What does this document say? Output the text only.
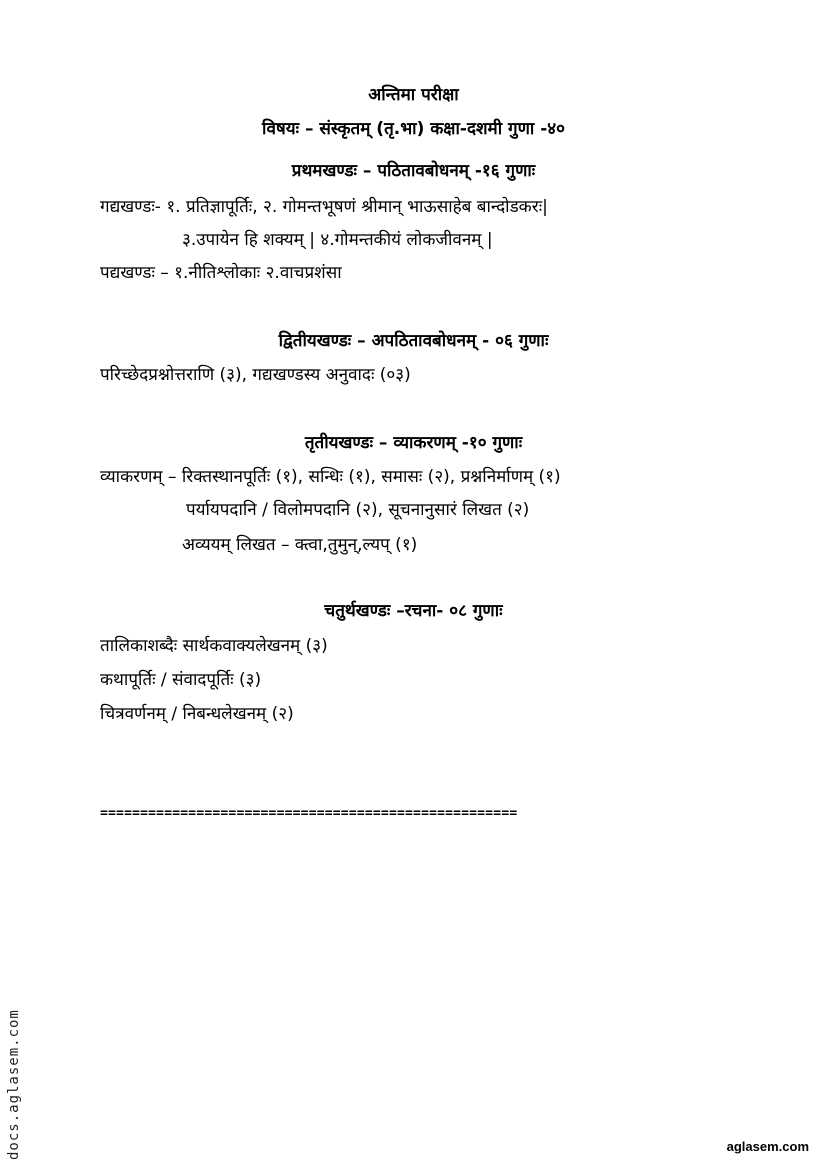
अन्तिमा परीक्षा
विषयः – संस्कृतम् (तृ.भा) कक्षा-दशमी गुणा -४०
प्रथमखण्डः – पठितावबोधनम् -१६ गुणाः
गद्यखण्डः- १. प्रतिज्ञापूर्तिः, २. गोमन्तभूषणं श्रीमान् भाऊसाहेब बान्दोडकरः|
३.उपायेन हि शक्यम् | ४.गोमन्तकीयं लोकजीवनम् |
पद्यखण्डः – १.नीतिश्लोकाः २.वाचप्रशंसा
द्वितीयखण्डः – अपठितावबोधनम् - ०६ गुणाः
परिच्छेदप्रश्नोत्तराणि (३), गद्यखण्डस्य अनुवादः (०३)
तृतीयखण्डः – व्याकरणम् -१० गुणाः
व्याकरणम् – रिक्तस्थानपूर्तिः (१), सन्धिः (१), समासः (२), प्रश्ननिर्माणम् (१)
पर्यायपदानि / विलोमपदानि (२), सूचनानुसारं लिखत (२)
अव्ययम् लिखत – क्त्वा,तुमुन्,ल्यप् (१)
चतुर्थखण्डः –रचना- ०८ गुणाः
तालिकाशब्दैः सार्थकवाक्यलेखनम् (३)
कथापूर्तिः / संवादपूर्तिः (३)
चित्रवर्णनम् / निबन्धलेखनम् (२)
====================================================
docs.aglasem.com	aglasem.com
